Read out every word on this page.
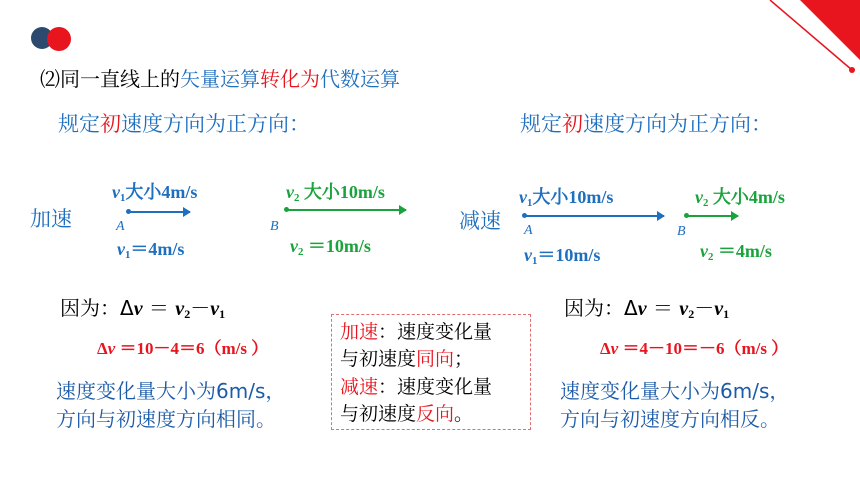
⑵同一直线上的矢量运算转化为代数运算
规定初速度方向为正方向：
加速
$v_1$大小4m/s
A
$v_1=4m/s$
$v_2$ 大小10m/s
B
$v_2 =10m/s$
因为：$\Delta v = v_2-v_1$
Δv ＝10－4＝6（m/s ）
速度变化量大小为6m/s，
方向与初速度方向相同。
加速：速度变化量
与初速度同向；
减速：速度变化量
与初速度反向。
规定初速度方向为正方向：
减速
$v_1$大小10m/s
A
$v_1=10m/s$
$v_2$ 大小4m/s
B
$v_2 =4m/s$
因为：$\Delta v = v_2-v_1$
Δv ＝4－10＝－6（m/s ）
速度变化量大小为6m/s，
方向与初速度方向相反。
